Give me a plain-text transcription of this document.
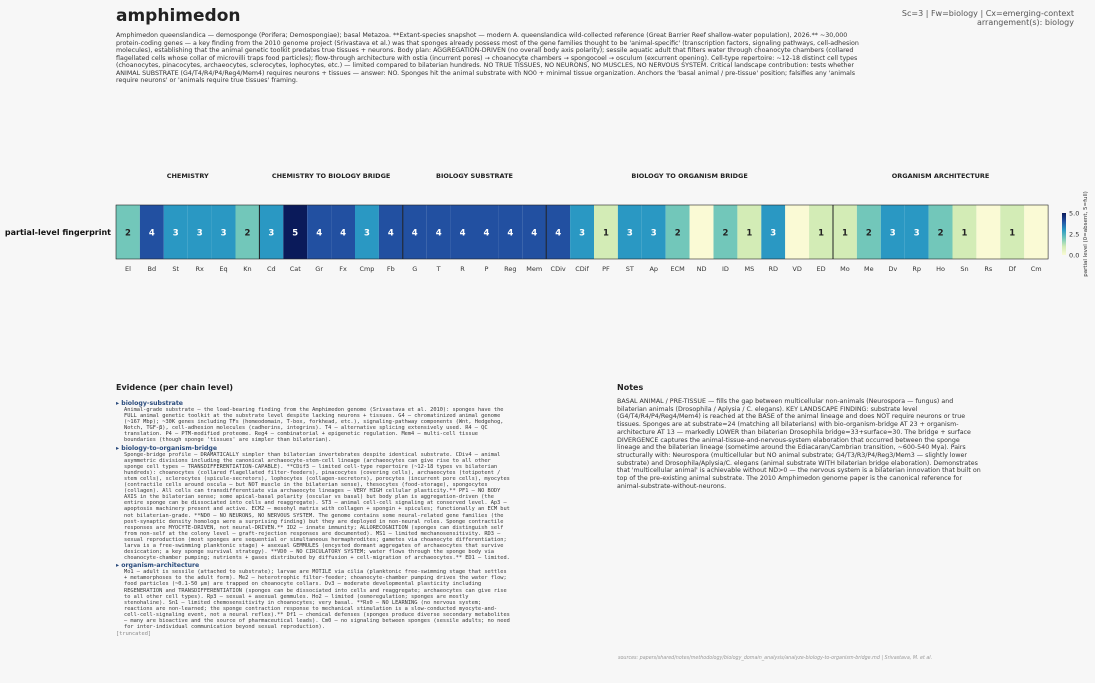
amphimedon	Sc=3 | Fw=biology | Cx=emerging-context
arrangement(s): biology
Amphimedon queenslandica — demosponge (Porifera; Demospongiae); basal Metazoa. **Extant-species snapshot — modern A. queenslandica wild-collected reference (Great Barrier Reef shallow-water population), 2026.** ~30,000 protein-coding genes — a key finding from the 2010 genome project (Srivastava et al.) was that sponges already possess most of the gene families thought to be 'animal-specific' (transcription factors, signaling pathways, cell-adhesion molecules), establishing that the animal genetic toolkit predates true tissues + neurons. Body plan: AGGREGATION-DRIVEN (no overall body axis polarity); sessile aquatic adult that filters water through choanocyte chambers (collared flagellated cells whose collar of microvilli traps food particles); flow-through architecture with ostia (incurrent pores) → choanocyte chambers → spongocoel → osculum (excurrent opening). Cell-type repertoire: ~12-18 distinct cell types (choanocytes, pinacocytes, archaeocytes, sclerocytes, lophocytes, etc.) — limited compared to bilaterian hundreds. NO TRUE TISSUES, NO NEURONS, NO MUSCLES, NO NERVOUS SYSTEM. Critical landscape contribution: tests whether ANIMAL SUBSTRATE (G4/T4/R4/P4/Reg4/Mem4) requires neurons + tissues — answer: NO. Sponges hit the animal substrate with NO0 + minimal tissue organization. Anchors the 'basal animal / pre-tissue' position; falsifies any 'animals require neurons' or 'animals require true tissues' framing.
2
El
4
Bd
3
St
3
Rx
3
Eq
2
Kn
3
Cd
5
Cat
4
Gr
4
Fx
3
Cmp
4
Fb
4
G
4
T
4
R
4
P
4
Reg
4
Mem
4
CDiv
3
CDif
1
PF
3
ST
3
Ap
2
ECM ND
2
ID
1
MS
3
RD VD
1
ED
1
Mo
2
Me
3
Dv
3
Rp
2
Ho
1
Sn Rs
1
Df Cm
CHEMISTRY	CHEMISTRY TO BIOLOGY BRIDGE	BIOLOGY SUBSTRATE	BIOLOGY TO ORGANISM BRIDGE	ORGANISM ARCHITECTURE
partial-level fingerprint
0.0
2.5
5.0 partial level (0=absent, 5=full)
Evidence (per chain level)
▸ biology-substrate
Animal-grade substrate — the load-bearing finding from the Amphimedon genome (Srivastava et al. 2010): sponges have the FULL animal genetic toolkit at the substrate level despite lacking neurons + tissues. G4 — chromatinized animal genome (~167 Mbp); ~30K genes including TFs (homeodomain, T-box, forkhead, etc.), signaling-pathway components (Wnt, Hedgehog, Notch, TGF-β), cell-adhesion molecules (cadherins, integrins). T4 — alternative splicing extensively used. R4 — QC translation. P4 — PTM-modified proteome. Reg4 — combinatorial + epigenetic regulation. Mem4 — multi-cell tissue boundaries (though sponge 'tissues' are simpler than bilaterian).
▸ biology-to-organism-bridge
Sponge-bridge profile — DRAMATICALLY simpler than bilaterian invertebrates despite identical substrate. CDiv4 — animal asymmetric divisions including the canonical archaeocyte-stem-cell lineage (archaeocytes can give rise to all other sponge cell types — TRANSDIFFERENTIATION-CAPABLE). **CDif3 — limited cell-type repertoire (~12-18 types vs bilaterian hundreds): choanocytes (collared flagellated filter-feeders), pinacocytes (covering cells), archaeocytes (totipotent / stem cells), sclerocytes (spicule-secretors), lophocytes (collagen-secretors), porocytes (incurrent pore cells), myocytes (contractile cells around oscula — but NOT muscle in the bilaterian sense), thesocytes (food-storage), spongocytes (collagen). All cells can transdifferentiate via archaeocyte lineages — VERY HIGH cellular plasticity.** PF1 — NO BODY AXIS in the bilaterian sense; some apical-basal polarity (oscular vs basal) but body plan is aggregation-driven (the entire sponge can be dissociated into cells and reaggregate). ST3 — animal cell-cell signaling at conserved level. Ap3 — apoptosis machinery present and active. ECM2 — mesohyl matrix with collagen + spongin + spicules; functionally an ECM but not bilaterian-grade. **ND0 — NO NEURONS, NO NERVOUS SYSTEM. The genome contains some neural-related gene families (the post-synaptic density homologs were a surprising finding) but they are deployed in non-neural roles. Sponge contractile responses are MYOCYTE-DRIVEN, not neural-DRIVEN.** ID2 — innate immunity; ALLORECOGNITION (sponges can distinguish self from non-self at the colony level — graft-rejection responses are documented). MS1 — limited mechanosensitivity. RD3 — sexual reproduction (most sponges are sequential or simultaneous hermaphrodites; gametes via choanocyte differentiation; larva is a free-swimming planktonic stage) + asexual GEMMULES (encysted dormant aggregates of archaeocytes that survive desiccation; a key sponge survival strategy). **VD0 — NO CIRCULATORY SYSTEM; water flows through the sponge body via choanocyte-chamber pumping; nutrients + gases distributed by diffusion + cell-migration of archaeocytes.** ED1 — limited.
▸ organism-architecture
Mo1 — adult is sessile (attached to substrate); larvae are MOTILE via cilia (planktonic free-swimming stage that settles + metamorphoses to the adult form). Me2 — heterotrophic filter-feeder; choanocyte-chamber pumping drives the water flow; food particles (~0.1-50 μm) are trapped on choanocyte collars. Dv3 — moderate developmental plasticity including REGENERATION and TRANSDIFFERENTIATION (sponges can be dissociated into cells and reaggregate; archaeocytes can give rise to all other cell types). Rp3 — sexual + asexual gemmules. Ho2 — limited (osmoregulation; sponges are mostly stenohaline). Sn1 — limited chemosensitivity in choanocytes; very basal. **Rs0 — NO LEARNING (no nervous system; reactions are non-learned; the sponge contraction response to mechanical stimulation is a slow-conducted myocyte-and-cell-cell-signaling event, not a neural reflex).** Df1 — chemical defenses (sponges produce diverse secondary metabolites — many are bioactive and the source of pharmaceutical leads). Cm0 — no signaling between sponges (sessile adults; no need for inter-individual communication beyond sexual reproduction).
[truncated]
Notes
BASAL ANIMAL / PRE-TISSUE — fills the gap between multicellular non-animals (Neurospora — fungus) and bilaterian animals (Drosophila / Aplysia / C. elegans). KEY LANDSCAPE FINDING: substrate level (G4/T4/R4/P4/Reg4/Mem4) is reached at the BASE of the animal lineage and does NOT require neurons or true tissues. Sponges are at substrate=24 (matching all bilaterians) with bio-organism-bridge AT 23 + organism-architecture AT 13 — markedly LOWER than bilaterian Drosophila bridge=33+surface=30. The bridge + surface DIVERGENCE captures the animal-tissue-and-nervous-system elaboration that occurred between the sponge lineage and the bilaterian lineage (sometime around the Ediacaran/Cambrian transition, ~600-540 Mya). Pairs structurally with: Neurospora (multicellular but NO animal substrate; G4/T3/R3/P4/Reg3/Mem3 — slightly lower substrate) and Drosophila/Aplysia/C. elegans (animal substrate WITH bilaterian bridge elaboration). Demonstrates that 'multicellular animal' is achievable without ND>0 — the nervous system is a bilaterian innovation that built on top of the pre-existing animal substrate. The 2010 Amphimedon genome paper is the canonical reference for animal-substrate-without-neurons.
sources: papers/shared/notes/methodology/biology_domain_analysis/analyze-biology-to-organism-bridge.md | Srivastava, M. et al.
